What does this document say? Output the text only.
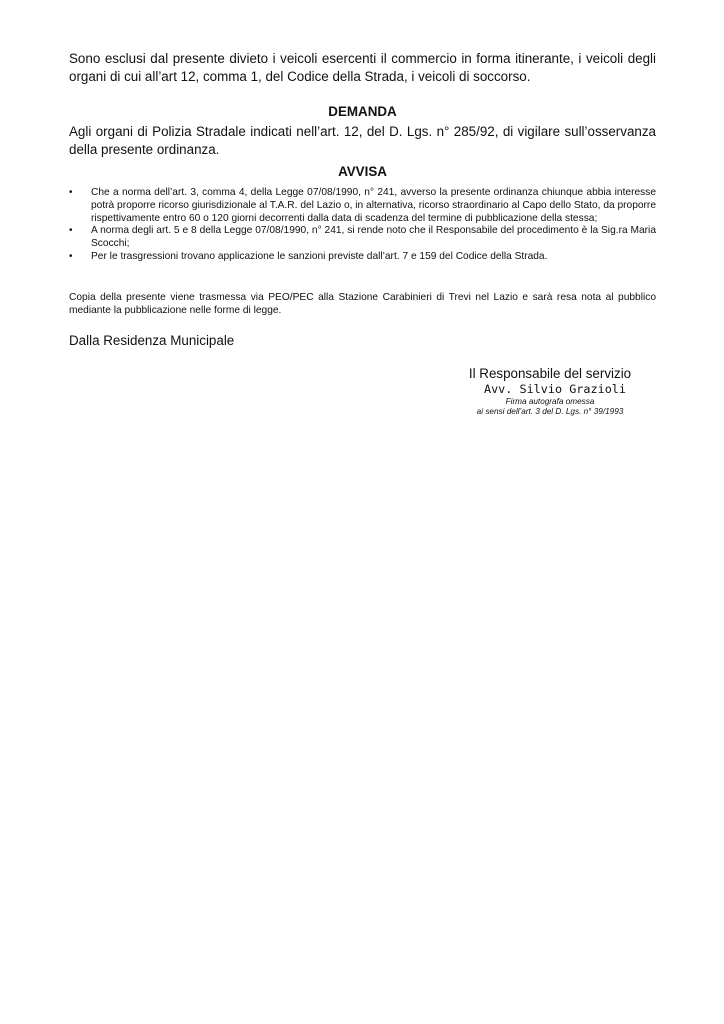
Sono esclusi dal presente divieto i veicoli esercenti il commercio in forma itinerante, i veicoli degli organi di cui all’art 12, comma 1, del Codice della Strada, i veicoli di soccorso.

DEMANDA

Agli organi di Polizia Stradale indicati nell’art. 12, del D. Lgs. n° 285/92, di vigilare sull’osservanza della presente ordinanza.

AVVISA

• Che a norma dell’art. 3, comma 4, della Legge 07/08/1990, n° 241, avverso la presente ordinanza chiunque abbia interesse potrà proporre ricorso giurisdizionale al T.A.R. del Lazio o, in alternativa, ricorso straordinario al Capo dello Stato, da proporre rispettivamente entro 60 o 120 giorni decorrenti dalla data di scadenza del termine di pubblicazione della stessa;
• A norma degli art. 5 e 8 della Legge 07/08/1990, n° 241, si rende noto che il Responsabile del procedimento è la Sig.ra Maria Scocchi;
• Per le trasgressioni trovano applicazione le sanzioni previste dall’art. 7 e 159 del Codice della Strada.

Copia della presente viene trasmessa via PEO/PEC alla Stazione Carabinieri di Trevi nel Lazio e sarà resa nota al pubblico mediante la pubblicazione nelle forme di legge.

Dalla Residenza Municipale

Il Responsabile del servizio
Avv. Silvio Grazioli
Firma autografa omessa
ai sensi dell’art. 3 del D. Lgs. n° 39/1993
